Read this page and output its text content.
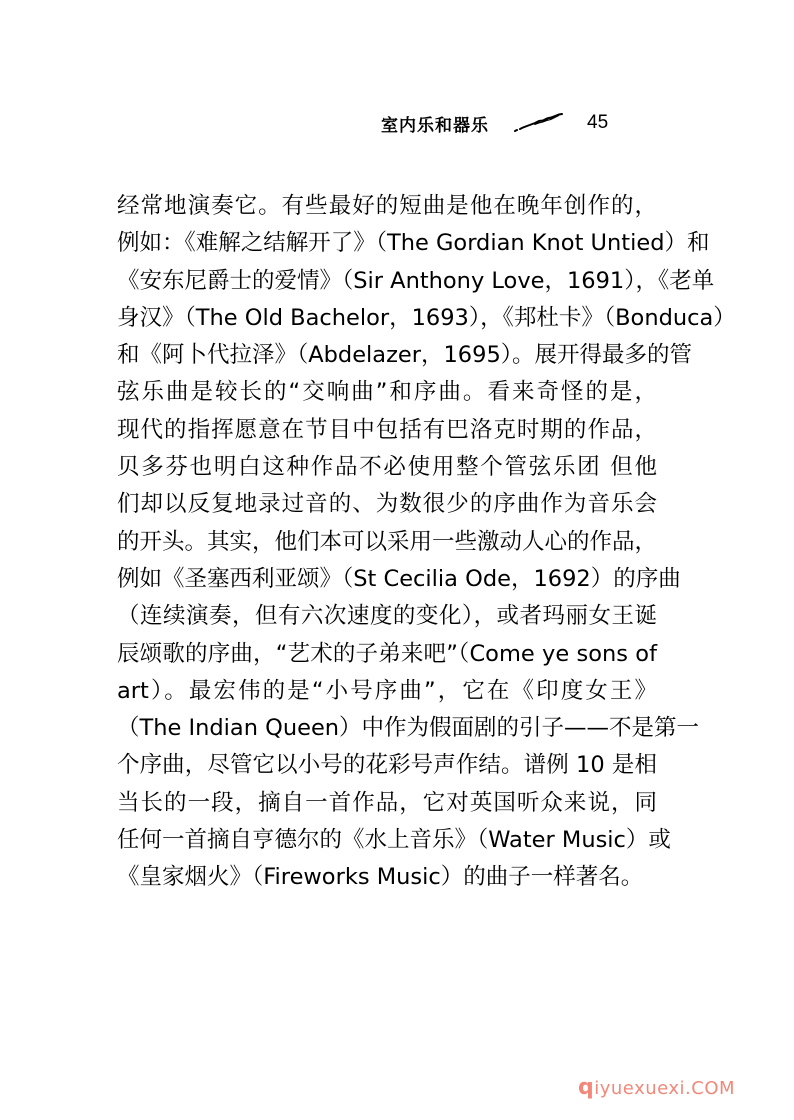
室内乐和器乐	45
经常地演奏它。有些最好的短曲是他在晚年创作的，
例如：《难解之结解开了》（The Gordian Knot Untied）和
《安东尼爵士的爱情》（Sir Anthony Love，1691），《老单
身汉》（The Old Bachelor，1693），《邦杜卡》（Bonduca）
和《阿卜代拉泽》（Abdelazer，1695）。展开得最多的管
弦乐曲是较长的“交响曲”和序曲。看来奇怪的是，
现代的指挥愿意在节目中包括有巴洛克时期的作品，
贝多芬也明白这种作品不必使用整个管弦乐团 但他
们却以反复地录过音的、为数很少的序曲作为音乐会
的开头。其实，他们本可以采用一些激动人心的作品，
例如《圣塞西利亚颂》（St Cecilia Ode，1692）的序曲
（连续演奏，但有六次速度的变化），或者玛丽女王诞
辰颂歌的序曲，“艺术的子弟来吧”（Come ye sons of
art）。最宏伟的是“小号序曲”，它在《印度女王》
（The Indian Queen）中作为假面剧的引子——不是第一
个序曲，尽管它以小号的花彩号声作结。谱例 10 是相
当长的一段，摘自一首作品，它对英国听众来说，同
任何一首摘自亨德尔的《水上音乐》（Water Music）或
《皇家烟火》（Fireworks Music）的曲子一样著名。
qiyuexuexi.COM
